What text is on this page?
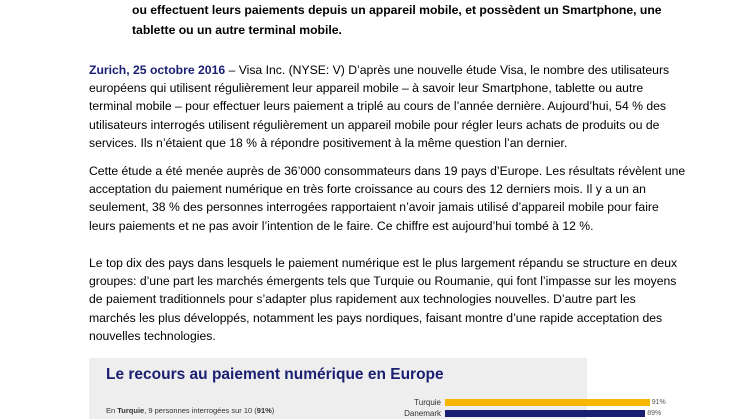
ou effectuent leurs paiements depuis un appareil mobile, et possèdent un Smartphone, une
tablette ou un autre terminal mobile.
Zurich, 25 octobre 2016 – Visa Inc. (NYSE: V) D’après une nouvelle étude Visa, le nombre des utilisateurs
européens qui utilisent régulièrement leur appareil mobile – à savoir leur Smartphone, tablette ou autre
terminal mobile – pour effectuer leurs paiement a triplé au cours de l’année dernière. Aujourd’hui, 54 % des
utilisateurs interrogés utilisent régulièrement un appareil mobile pour régler leurs achats de produits ou de
services. Ils n’étaient que 18 % à répondre positivement à la même question l’an dernier.
Cette étude a été menée auprès de 36’000 consommateurs dans 19 pays d’Europe. Les résultats révèlent une
acceptation du paiement numérique en très forte croissance au cours des 12 derniers mois. Il y a un an
seulement, 38 % des personnes interrogées rapportaient n’avoir jamais utilisé d’appareil mobile pour faire
leurs paiements et ne pas avoir l’intention de le faire. Ce chiffre est aujourd’hui tombé à 12 %.
Le top dix des pays dans lesquels le paiement numérique est le plus largement répandu se structure en deux
groupes: d’une part les marchés émergents tels que Turquie ou Roumanie, qui font l’impasse sur les moyens
de paiement traditionnels pour s’adapter plus rapidement aux technologies nouvelles. D’autre part les
marchés les plus développés, notamment les pays nordiques, faisant montre d’une rapide acceptation des
nouvelles technologies.
Le recours au paiement numérique en Europe
En Turquie, 9 personnes interrogées sur 10 (91%)
Turquie	91%
Danemark	89%
